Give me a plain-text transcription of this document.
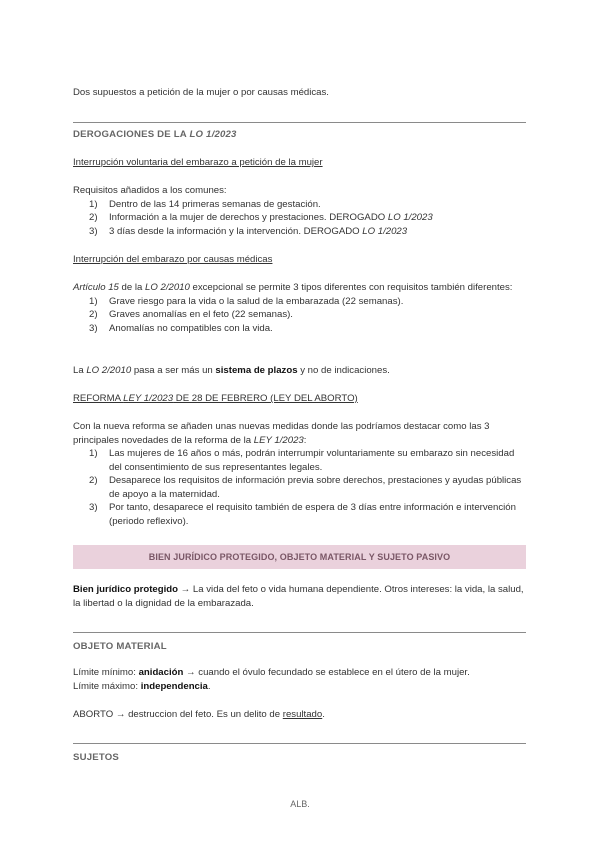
Dos supuestos a petición de la mujer o por causas médicas.

DEROGACIONES DE LA LO 1/2023

Interrupción voluntaria del embarazo a petición de la mujer

Requisitos añadidos a los comunes:

1) Dentro de las 14 primeras semanas de gestación.
2) Información a la mujer de derechos y prestaciones. DEROGADO LO 1/2023
3) 3 días desde la información y la intervención. DEROGADO LO 1/2023

Interrupción del embarazo por causas médicas

Artículo 15 de la LO 2/2010 excepcional se permite 3 tipos diferentes con requisitos también diferentes:

1) Grave riesgo para la vida o la salud de la embarazada (22 semanas).
2) Graves anomalías en el feto (22 semanas).
3) Anomalías no compatibles con la vida.

La LO 2/2010 pasa a ser más un sistema de plazos y no de indicaciones.

REFORMA LEY 1/2023 DE 28 DE FEBRERO (LEY DEL ABORTO)

Con la nueva reforma se añaden unas nuevas medidas donde las podríamos destacar como las 3 principales novedades de la reforma de la LEY 1/2023:

1) Las mujeres de 16 años o más, podrán interrumpir voluntariamente su embarazo sin necesidad del consentimiento de sus representantes legales.
2) Desaparece los requisitos de información previa sobre derechos, prestaciones y ayudas públicas de apoyo a la maternidad.
3) Por tanto, desaparece el requisito también de espera de 3 días entre información e intervención (periodo reflexivo).
BIEN JURÍDICO PROTEGIDO, OBJETO MATERIAL Y SUJETO PASIVO

Bien jurídico protegido → La vida del feto o vida humana dependiente. Otros intereses: la vida, la salud, la libertad o la dignidad de la embarazada.

OBJETO MATERIAL

Límite mínimo: anidación → cuando el óvulo fecundado se establece en el útero de la mujer.

Límite máximo: independencia.

ABORTO → destruccion del feto. Es un delito de resultado.

SUJETOS

ALB.
